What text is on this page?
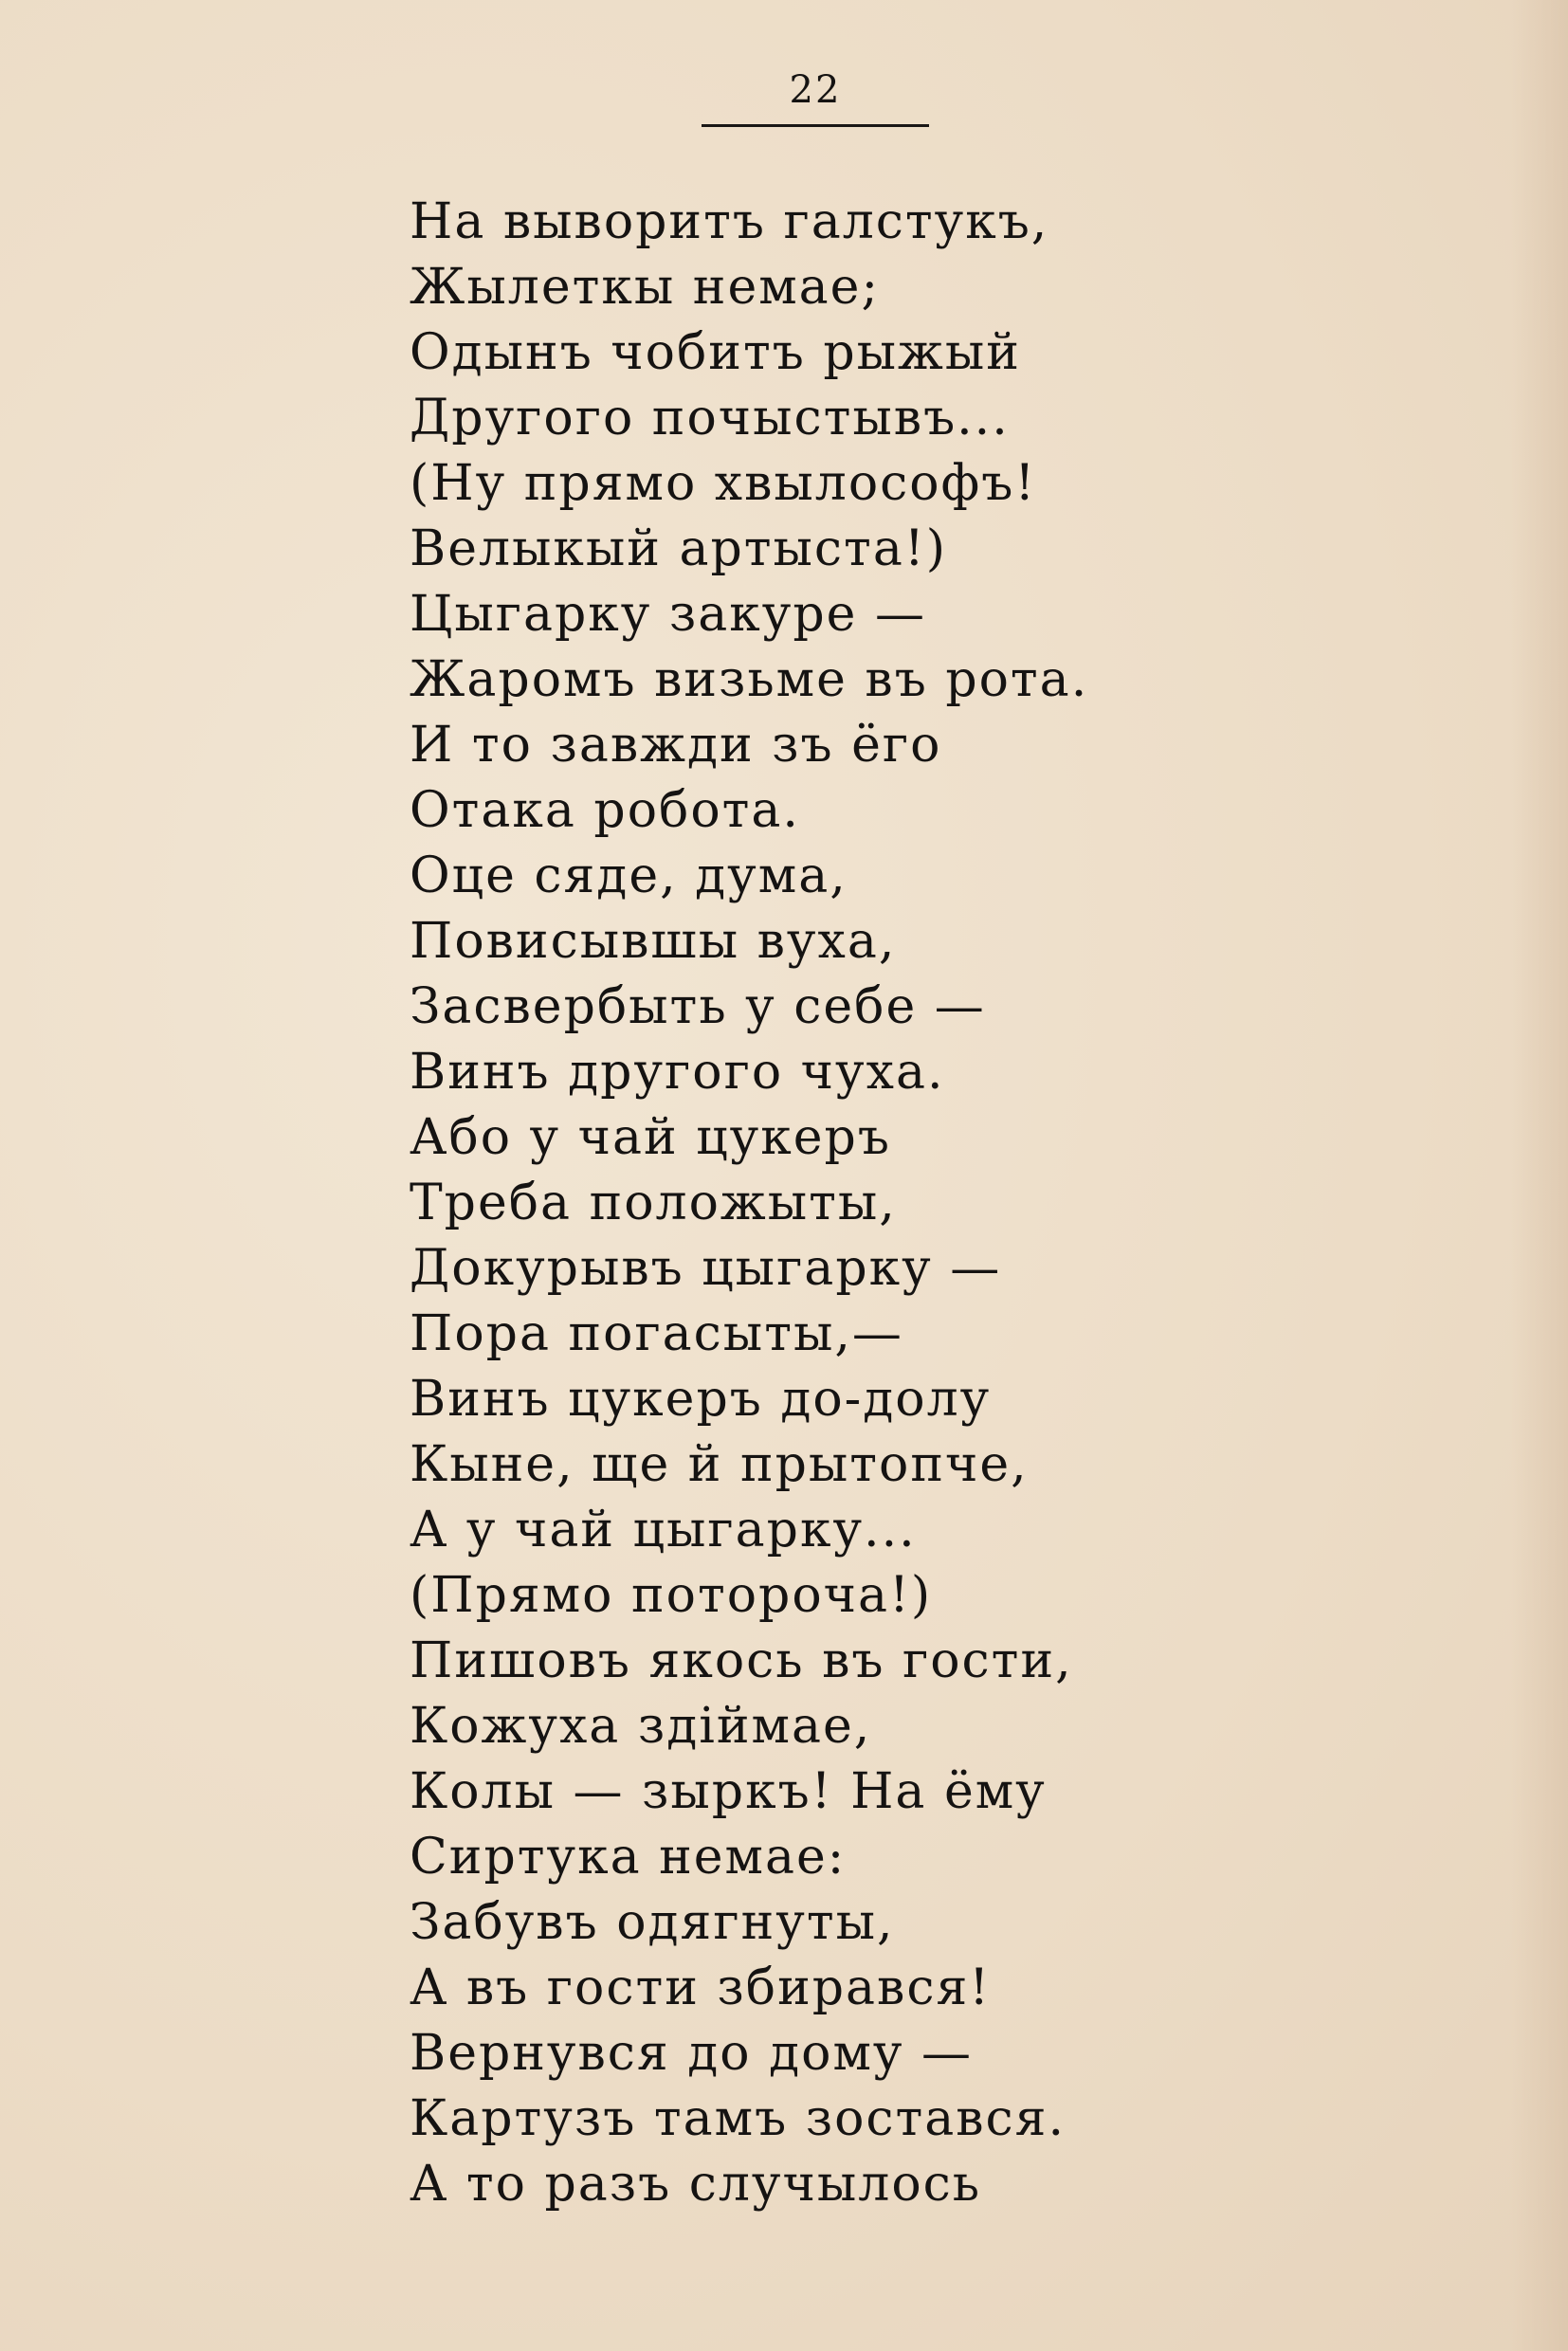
22
На выворитъ галстукъ,
Жылеткы немае;
Одынъ чобитъ рыжый
Другого почыстывъ...
(Ну прямо хвылософъ!
Велыкый артыста!)
Цыгарку закуре —
Жаромъ визьме въ рота.
И то завжди зъ ёго
Отака робота.
Оце сяде, дума,
Повисывшы вуха,
Засвербыть у себе —
Винъ другого чуха.
Або у чай цукеръ
Треба положыты,
Докурывъ цыгарку —
Пора погасыты,—
Винъ цукеръ до-долу
Кыне, ще й прытопче,
А у чай цыгарку...
(Прямо потороча!)
Пишовъ якось въ гости,
Кожуха здіймае,
Колы — зыркъ! На ёму
Сиртука немае:
Забувъ одягнуты,
А въ гости збирався!
Вернувся до дому —
Картузъ тамъ зостався.
А то разъ случылось
